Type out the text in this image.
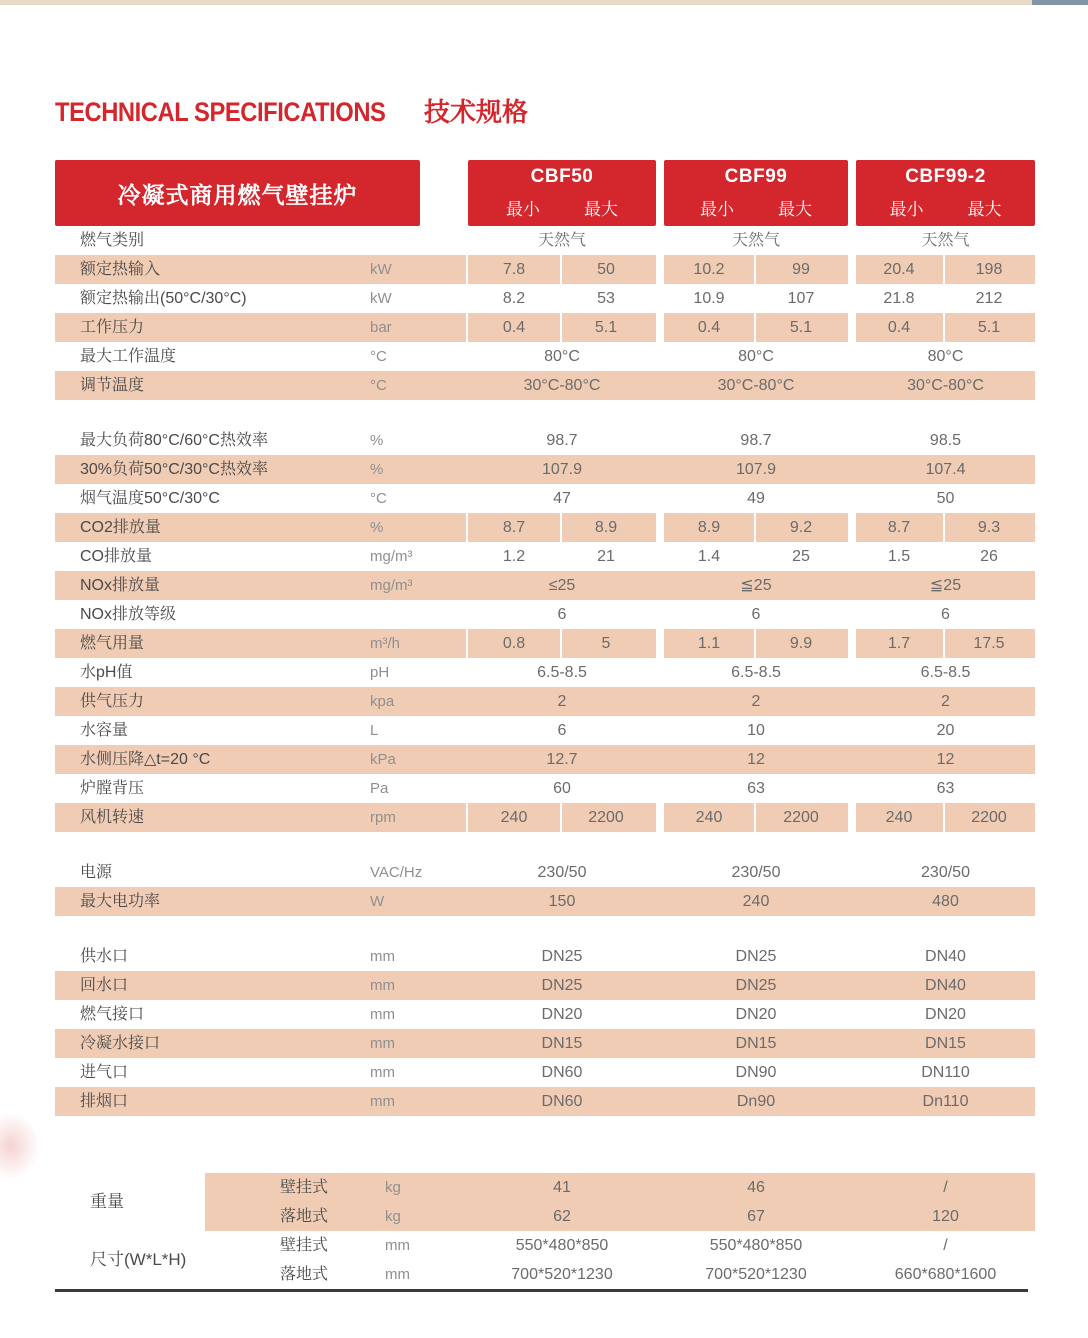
TECHNICAL SPECIFICATIONS 技术规格
冷凝式商用燃气壁挂炉
CBF50
最小	最大
CBF99
最小	最大
CBF99-2
最小	最大
燃气类别	天然气	天然气	天然气
额定热输入	kW	7.8	50	10.2	99	20.4	198
额定热输出(50°C/30°C)	kW	8.2	53	10.9	107	21.8	212
工作压力	bar	0.4	5.1	0.4	5.1	0.4	5.1
最大工作温度	°C	80°C	80°C	80°C
调节温度	°C	30°C-80°C	30°C-80°C	30°C-80°C
最大负荷80°C/60°C热效率	%	98.7	98.7	98.5
30%负荷50°C/30°C热效率	%	107.9	107.9	107.4
烟气温度50°C/30°C	°C	47	49	50
CO2排放量	%	8.7	8.9	8.9	9.2	8.7	9.3
CO排放量	mg/m³	1.2	21	1.4	25	1.5	26
NOx排放量	mg/m³	≤25	≦25	≦25
NOx排放等级	6	6	6
燃气用量	m³/h	0.8	5	1.1	9.9	1.7	17.5
水pH值	pH	6.5-8.5	6.5-8.5	6.5-8.5
供气压力	kpa	2	2	2
水容量	L	6	10	20
水侧压降△t=20 °C	kPa	12.7	12	12
炉膛背压	Pa	60	63	63
风机转速	rpm	240	2200	240	2200	240	2200
电源	VAC/Hz	230/50	230/50	230/50
最大电功率	W	150	240	480
供水口	mm	DN25	DN25	DN40
回水口	mm	DN25	DN25	DN40
燃气接口	mm	DN20	DN20	DN20
冷凝水接口	mm	DN15	DN15	DN15
进气口	mm	DN60	DN90	DN110
排烟口	mm	DN60	Dn90	Dn110
重量
壁挂式	kg	41	46	/
落地式	kg	62	67	120
尺寸(W*L*H)
壁挂式	mm	550*480*850	550*480*850	/
落地式	mm	700*520*1230	700*520*1230	660*680*1600
